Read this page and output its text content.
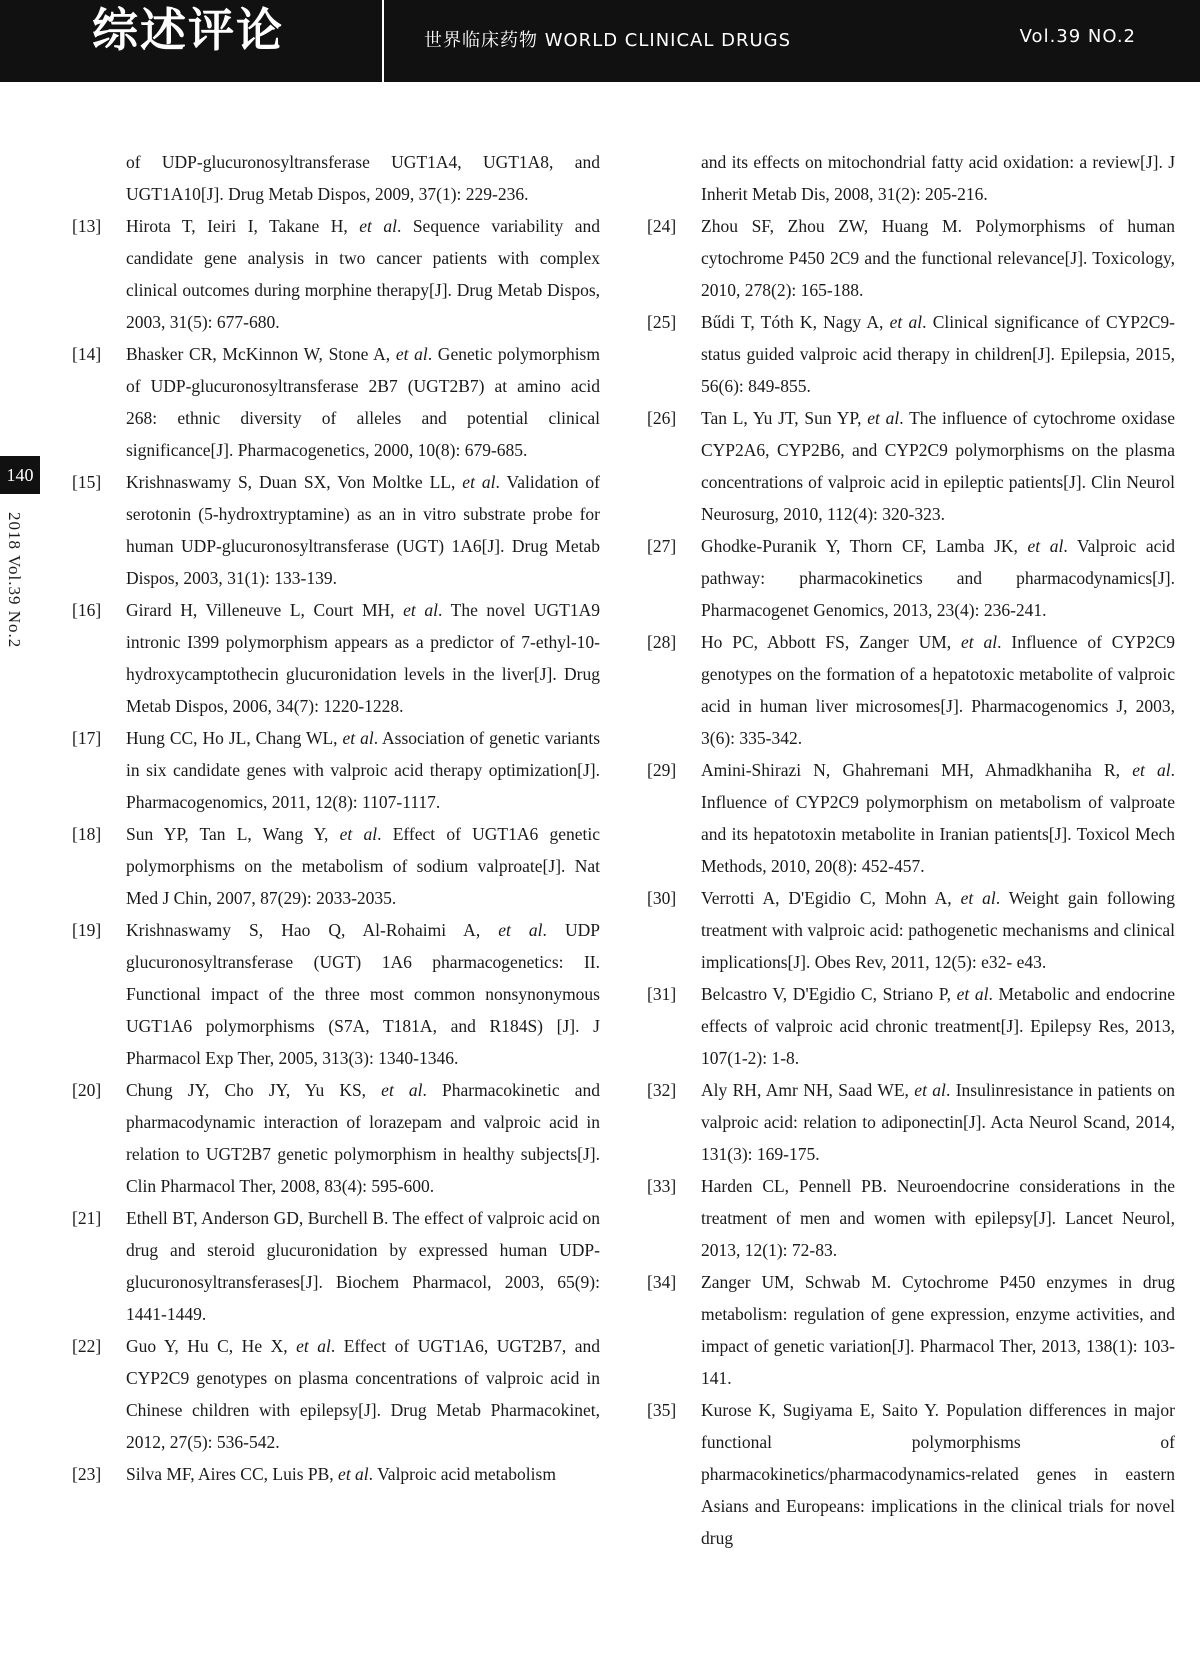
综述评论	世界临床药物 WORLD CLINICAL DRUGS	Vol.39 NO.2
140
2018 Vol.39 No.2
of UDP-glucuronosyltransferase UGT1A4, UGT1A8, and UGT1A10[J]. Drug Metab Dispos, 2009, 37(1): 229-236.
[13]	Hirota T, Ieiri I, Takane H, et al. Sequence variability and candidate gene analysis in two cancer patients with complex clinical outcomes during morphine therapy[J]. Drug Metab Dispos, 2003, 31(5): 677-680.
[14]	Bhasker CR, McKinnon W, Stone A, et al. Genetic polymorphism of UDP-glucuronosyltransferase 2B7 (UGT2B7) at amino acid 268: ethnic diversity of alleles and potential clinical significance[J]. Pharmacogenetics, 2000, 10(8): 679-685.
[15]	Krishnaswamy S, Duan SX, Von Moltke LL, et al. Validation of serotonin (5-hydroxtryptamine) as an in vitro substrate probe for human UDP-glucuronosyltransferase (UGT) 1A6[J]. Drug Metab Dispos, 2003, 31(1): 133-139.
[16]	Girard H, Villeneuve L, Court MH, et al. The novel UGT1A9 intronic I399 polymorphism appears as a predictor of 7-ethyl-10-hydroxycamptothecin glucuronidation levels in the liver[J]. Drug Metab Dispos, 2006, 34(7): 1220-1228.
[17]	Hung CC, Ho JL, Chang WL, et al. Association of genetic variants in six candidate genes with valproic acid therapy optimization[J]. Pharmacogenomics, 2011, 12(8): 1107-1117.
[18]	Sun YP, Tan L, Wang Y, et al. Effect of UGT1A6 genetic polymorphisms on the metabolism of sodium valproate[J]. Nat Med J Chin, 2007, 87(29): 2033-2035.
[19]	Krishnaswamy S, Hao Q, Al-Rohaimi A, et al. UDP glucuronosyltransferase (UGT) 1A6 pharmacogenetics: II. Functional impact of the three most common nonsynonymous UGT1A6 polymorphisms (S7A, T181A, and R184S) [J]. J Pharmacol Exp Ther, 2005, 313(3): 1340-1346.
[20]	Chung JY, Cho JY, Yu KS, et al. Pharmacokinetic and pharmacodynamic interaction of lorazepam and valproic acid in relation to UGT2B7 genetic polymorphism in healthy subjects[J]. Clin Pharmacol Ther, 2008, 83(4): 595-600.
[21]	Ethell BT, Anderson GD, Burchell B. The effect of valproic acid on drug and steroid glucuronidation by expressed human UDP-glucuronosyltransferases[J]. Biochem Pharmacol, 2003, 65(9): 1441-1449.
[22]	Guo Y, Hu C, He X, et al. Effect of UGT1A6, UGT2B7, and CYP2C9 genotypes on plasma concentrations of valproic acid in Chinese children with epilepsy[J]. Drug Metab Pharmacokinet, 2012, 27(5): 536-542.
[23]	Silva MF, Aires CC, Luis PB, et al. Valproic acid metabolism
and its effects on mitochondrial fatty acid oxidation: a review[J]. J Inherit Metab Dis, 2008, 31(2): 205-216.
[24]	Zhou SF, Zhou ZW, Huang M. Polymorphisms of human cytochrome P450 2C9 and the functional relevance[J]. Toxicology, 2010, 278(2): 165-188.
[25]	Bűdi T, Tóth K, Nagy A, et al. Clinical significance of CYP2C9-status guided valproic acid therapy in children[J]. Epilepsia, 2015, 56(6): 849-855.
[26]	Tan L, Yu JT, Sun YP, et al. The influence of cytochrome oxidase CYP2A6, CYP2B6, and CYP2C9 polymorphisms on the plasma concentrations of valproic acid in epileptic patients[J]. Clin Neurol Neurosurg, 2010, 112(4): 320-323.
[27]	Ghodke-Puranik Y, Thorn CF, Lamba JK, et al. Valproic acid pathway: pharmacokinetics and pharmacodynamics[J]. Pharmacogenet Genomics, 2013, 23(4): 236-241.
[28]	Ho PC, Abbott FS, Zanger UM, et al. Influence of CYP2C9 genotypes on the formation of a hepatotoxic metabolite of valproic acid in human liver microsomes[J]. Pharmacogenomics J, 2003, 3(6): 335-342.
[29]	Amini-Shirazi N, Ghahremani MH, Ahmadkhaniha R, et al. Influence of CYP2C9 polymorphism on metabolism of valproate and its hepatotoxin metabolite in Iranian patients[J]. Toxicol Mech Methods, 2010, 20(8): 452-457.
[30]	Verrotti A, D'Egidio C, Mohn A, et al. Weight gain following treatment with valproic acid: pathogenetic mechanisms and clinical implications[J]. Obes Rev, 2011, 12(5): e32- e43.
[31]	Belcastro V, D'Egidio C, Striano P, et al. Metabolic and endocrine effects of valproic acid chronic treatment[J]. Epilepsy Res, 2013, 107(1-2): 1-8.
[32]	Aly RH, Amr NH, Saad WE, et al. Insulinresistance in patients on valproic acid: relation to adiponectin[J]. Acta Neurol Scand, 2014, 131(3): 169-175.
[33]	Harden CL, Pennell PB. Neuroendocrine considerations in the treatment of men and women with epilepsy[J]. Lancet Neurol, 2013, 12(1): 72-83.
[34]	Zanger UM, Schwab M. Cytochrome P450 enzymes in drug metabolism: regulation of gene expression, enzyme activities, and impact of genetic variation[J]. Pharmacol Ther, 2013, 138(1): 103-141.
[35]	Kurose K, Sugiyama E, Saito Y. Population differences in major functional polymorphisms of pharmacokinetics/pharmacodynamics-related genes in eastern Asians and Europeans: implications in the clinical trials for novel drug
